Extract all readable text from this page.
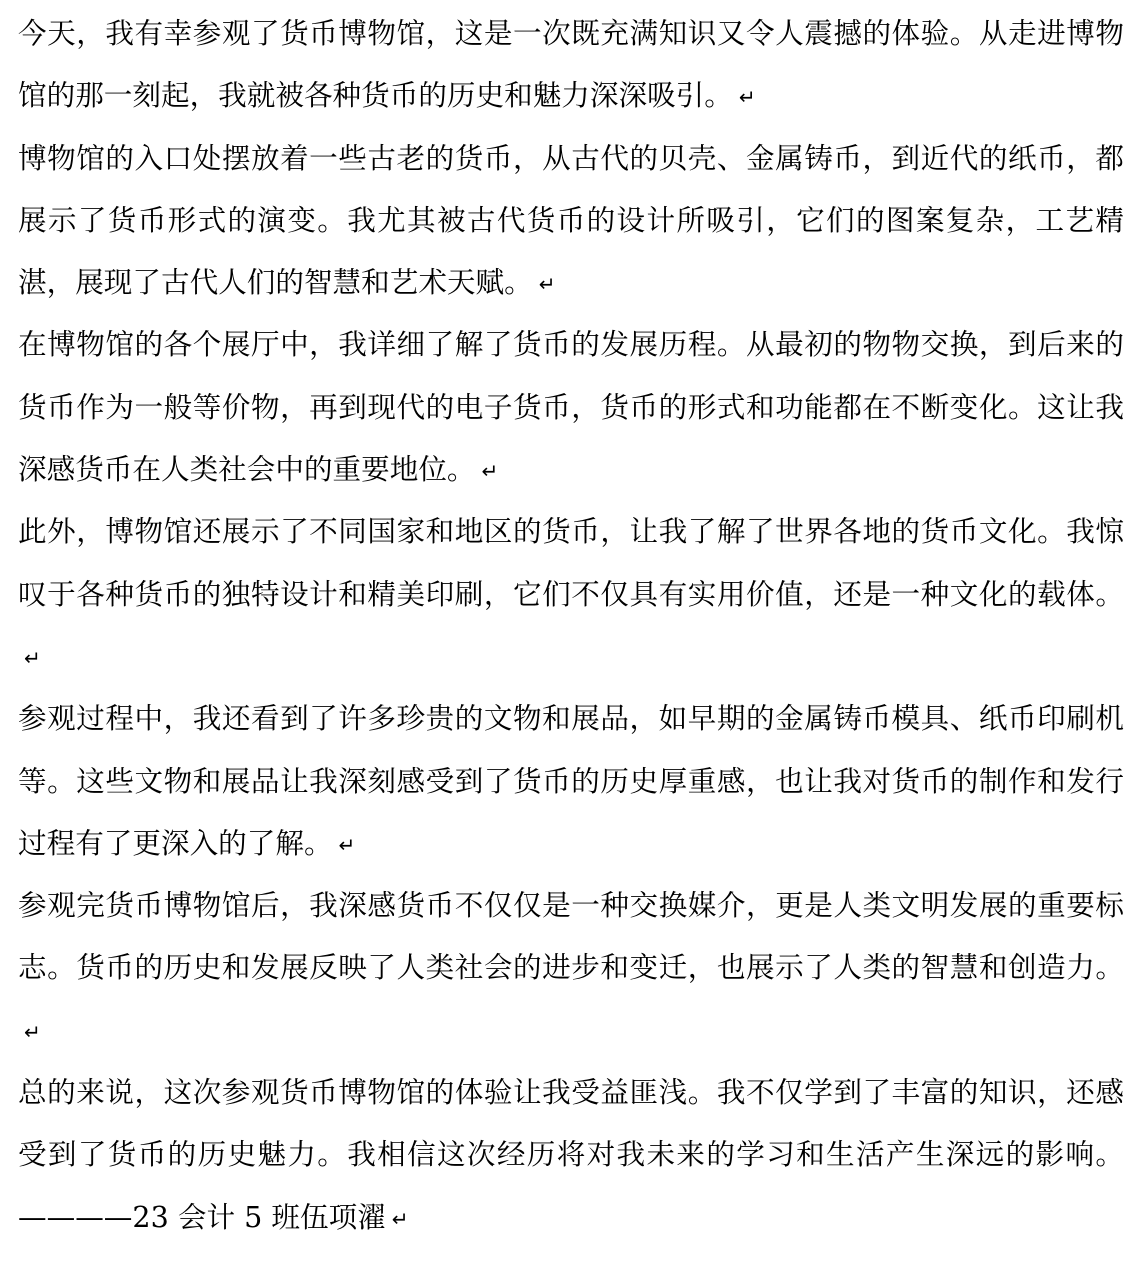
今天，我有幸参观了货币博物馆，这是一次既充满知识又令人震撼的体验。从走进博物馆的那一刻起，我就被各种货币的历史和魅力深深吸引。 ↵

博物馆的入口处摆放着一些古老的货币，从古代的贝壳、金属铸币，到近代的纸币，都展示了货币形式的演变。我尤其被古代货币的设计所吸引，它们的图案复杂，工艺精湛，展现了古代人们的智慧和艺术天赋。 ↵

在博物馆的各个展厅中，我详细了解了货币的发展历程。从最初的物物交换，到后来的货币作为一般等价物，再到现代的电子货币，货币的形式和功能都在不断变化。这让我深感货币在人类社会中的重要地位。 ↵

此外，博物馆还展示了不同国家和地区的货币，让我了解了世界各地的货币文化。我惊叹于各种货币的独特设计和精美印刷，它们不仅具有实用价值，还是一种文化的载体。↵

参观过程中，我还看到了许多珍贵的文物和展品，如早期的金属铸币模具、纸币印刷机等。这些文物和展品让我深刻感受到了货币的历史厚重感，也让我对货币的制作和发行过程有了更深入的了解。 ↵

参观完货币博物馆后，我深感货币不仅仅是一种交换媒介，更是人类文明发展的重要标志。货币的历史和发展反映了人类社会的进步和变迁，也展示了人类的智慧和创造力。↵

总的来说，这次参观货币博物馆的体验让我受益匪浅。我不仅学到了丰富的知识，还感受到了货币的历史魅力。我相信这次经历将对我未来的学习和生活产生深远的影响。————23 会计 5 班伍项濯 ↵
